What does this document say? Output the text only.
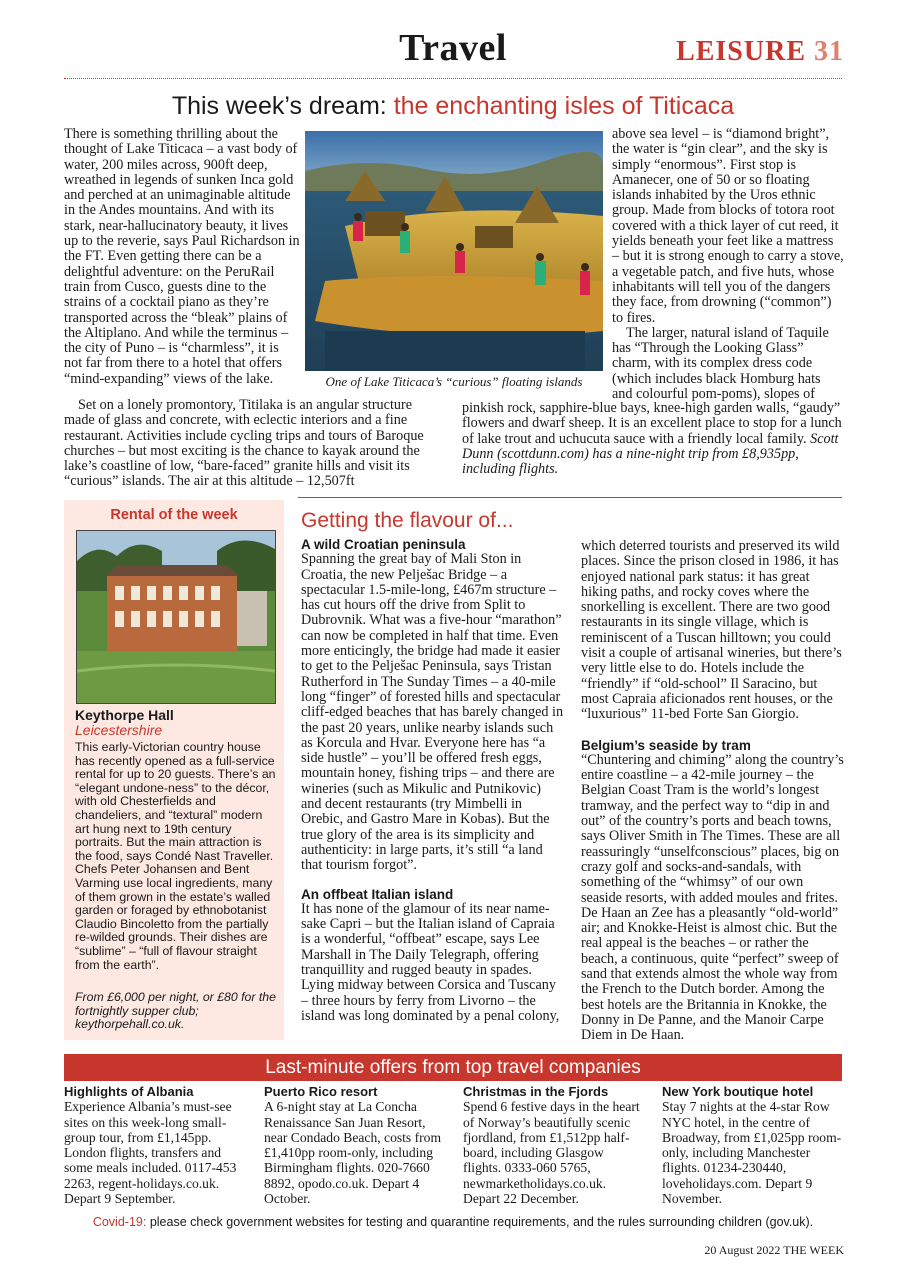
Travel	LEISURE 31
This week’s dream: the enchanting isles of Titicaca

There is something thrilling about the thought of Lake Titicaca – a vast body of water, 200 miles across, 900ft deep, wreathed in legends of sunken Inca gold and perched at an unimaginable altitude in the Andes mountains. And with its stark, near-hallucinatory beauty, it lives up to the reverie, says Paul Richardson in the FT. Even getting there can be a delightful adventure: on the PeruRail train from Cusco, guests dine to the strains of a cocktail piano as they’re transported across the “bleak” plains of the Altiplano. And while the terminus – the city of Puno – is “charmless”, it is not far from there to a hotel that offers “mind-expanding” views of the lake.	One of Lake Titicaca’s “curious” floating islands

above sea level – is “diamond bright”, the water is “gin clear”, and the sky is simply “enormous”. First stop is Amanecer, one of 50 or so floating islands inhabited by the Uros ethnic group. Made from blocks of totora root covered with a thick layer of cut reed, it yields beneath your feet like a mattress – but it is strong enough to carry a stove, a vegetable patch, and five huts, whose inhabitants will tell you of the dangers they face, from drowning (“common”) to fires.

The larger, natural island of Taquile has “Through the Looking Glass” charm, with its complex dress code (which includes black Homburg hats and colourful pom-poms), slopes of

Set on a lonely promontory, Titilaka is an angular structure made of glass and concrete, with eclectic interiors and a fine restaurant. Activities include cycling trips and tours of Baroque churches – but most exciting is the chance to kayak around the lake’s coastline of low, “bare-faced” granite hills and visit its “curious” islands. The air at this altitude – 12,507ft

pinkish rock, sapphire-blue bays, knee-high garden walls, “gaudy” flowers and dwarf sheep. It is an excellent place to stop for a lunch of lake trout and uchucuta sauce with a friendly local family. Scott Dunn (scottdunn.com) has a nine-night trip from £8,935pp, including flights.

Rental of the week
Keythorpe Hall
Leicestershire
This early-Victorian country house has recently opened as a full-service rental for up to 20 guests. There’s an “elegant undone-ness” to the décor, with old Chesterfields and chandeliers, and “textural” modern art hung next to 19th century portraits. But the main attraction is the food, says Condé Nast Traveller. Chefs Peter Johansen and Bent Varming use local ingredients, many of them grown in the estate’s walled garden or foraged by ethnobotanist Claudio Bincoletto from the partially re-wilded grounds. Their dishes are “sublime” – “full of flavour straight from the earth”.
From £6,000 per night, or £80 for the fortnightly supper club; keythorpehall.co.uk.
Getting the flavour of...
A wild Croatian peninsula

Spanning the great bay of Mali Ston in Croatia, the new Pelješac Bridge – a spectacular 1.5-mile-long, £467m structure – has cut hours off the drive from Split to Dubrovnik. What was a five-hour “marathon” can now be completed in half that time. Even more enticingly, the bridge had made it easier to get to the Pelješac Peninsula, says Tristan Rutherford in The Sunday Times – a 40-mile long “finger” of forested hills and spectacular cliff-edged beaches that has barely changed in the past 20 years, unlike nearby islands such as Korcula and Hvar. Everyone here has “a side hustle” – you’ll be offered fresh eggs, mountain honey, fishing trips – and there are wineries (such as Mikulic and Putnikovic) and decent restaurants (try Mimbelli in Orebic, and Gastro Mare in Kobas). But the true glory of the area is its simplicity and authenticity: in large parts, it’s still “a land that tourism forgot”.

An offbeat Italian island

It has none of the glamour of its near name-sake Capri – but the Italian island of Capraia is a wonderful, “offbeat” escape, says Lee Marshall in The Daily Telegraph, offering tranquillity and rugged beauty in spades. Lying midway between Corsica and Tuscany – three hours by ferry from Livorno – the island was long dominated by a penal colony,

which deterred tourists and preserved its wild places. Since the prison closed in 1986, it has enjoyed national park status: it has great hiking paths, and rocky coves where the snorkelling is excellent. There are two good restaurants in its single village, which is reminiscent of a Tuscan hilltown; you could visit a couple of artisanal wineries, but there’s very little else to do. Hotels include the “friendly” if “old-school” Il Saracino, but most Capraia aficionados rent houses, or the “luxurious” 11-bed Forte San Giorgio.

Belgium’s seaside by tram

“Chuntering and chiming” along the country’s entire coastline – a 42-mile journey – the Belgian Coast Tram is the world’s longest tramway, and the perfect way to “dip in and out” of the country’s ports and beach towns, says Oliver Smith in The Times. These are all reassuringly “unselfconscious” places, big on crazy golf and socks-and-sandals, with something of the “whimsy” of our own seaside resorts, with added moules and frites. De Haan an Zee has a pleasantly “old-world” air; and Knokke-Heist is almost chic. But the real appeal is the beaches – or rather the beach, a continuous, quite “perfect” sweep of sand that extends almost the whole way from the French to the Dutch border. Among the best hotels are the Britannia in Knokke, the Donny in De Panne, and the Manoir Carpe Diem in De Haan.

Last-minute offers from top travel companies
Highlights of Albania
Experience Albania’s must-see sites on this week-long small-group tour, from £1,145pp. London flights, transfers and some meals included. 0117-453 2263, regent-holidays.co.uk. Depart 9 September.
Puerto Rico resort
A 6-night stay at La Concha Renaissance San Juan Resort, near Condado Beach, costs from £1,410pp room-only, including Birmingham flights. 020-7660 8892, opodo.co.uk. Depart 4 October.
Christmas in the Fjords
Spend 6 festive days in the heart of Norway’s beautifully scenic fjordland, from £1,512pp half-board, including Glasgow flights. 0333-060 5765, newmarketholidays.co.uk. Depart 22 December.
New York boutique hotel
Stay 7 nights at the 4-star Row NYC hotel, in the centre of Broadway, from £1,025pp room-only, including Manchester flights. 01234-230440, loveholidays.com. Depart 9 November.
Covid-19: please check government websites for testing and quarantine requirements, and the rules surrounding children (gov.uk).
20 August 2022 THE WEEK
